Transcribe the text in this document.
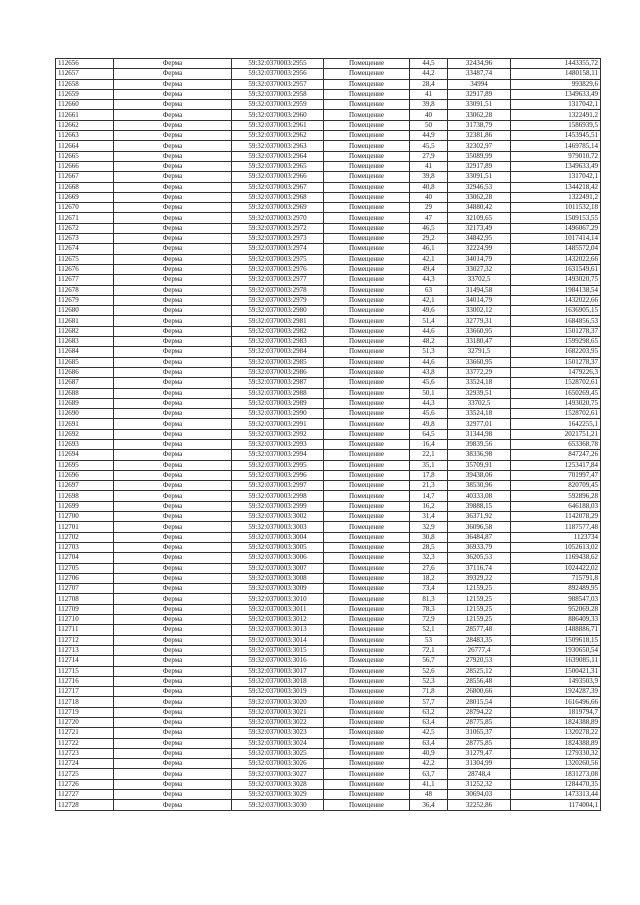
112656	Ферма	59:32:0370003:2955	Помещение	44,5	32434,96	1443355,72
112657	Ферма	59:32:0370003:2956	Помещение	44,2	33487,74	1480158,11
112658	Ферма	59:32:0370003:2957	Помещение	28,4	34994	993829,6
112659	Ферма	59:32:0370003:2958	Помещение	41	32917,89	1349633,49
112660	Ферма	59:32:0370003:2959	Помещение	39,8	33091,51	1317042,1
112661	Ферма	59:32:0370003:2960	Помещение	40	33062,28	1322491,2
112662	Ферма	59:32:0370003:2961	Помещение	50	31738,79	1586939,5
112663	Ферма	59:32:0370003:2962	Помещение	44,9	32381,86	1453945,51
112664	Ферма	59:32:0370003:2963	Помещение	45,5	32302,97	1469785,14
112665	Ферма	59:32:0370003:2964	Помещение	27,9	35089,99	979010,72
112666	Ферма	59:32:0370003:2965	Помещение	41	32917,89	1349633,49
112667	Ферма	59:32:0370003:2966	Помещение	39,8	33091,51	1317042,1
112668	Ферма	59:32:0370003:2967	Помещение	40,8	32946,53	1344218,42
112669	Ферма	59:32:0370003:2968	Помещение	40	33062,28	1322491,2
112670	Ферма	59:32:0370003:2969	Помещение	29	34880,42	1011532,18
112671	Ферма	59:32:0370003:2970	Помещение	47	32109,65	1509153,55
112672	Ферма	59:32:0370003:2972	Помещение	46,5	32173,49	1496067,29
112673	Ферма	59:32:0370003:2973	Помещение	29,2	34842,95	1017414,14
112674	Ферма	59:32:0370003:2974	Помещение	46,1	32224,99	1485572,04
112675	Ферма	59:32:0370003:2975	Помещение	42,1	34014,79	1432022,66
112676	Ферма	59:32:0370003:2976	Помещение	49,4	33027,32	1631549,61
112677	Ферма	59:32:0370003:2977	Помещение	44,3	33702,5	1493020,75
112678	Ферма	59:32:0370003:2978	Помещение	63	31494,58	1984138,54
112679	Ферма	59:32:0370003:2979	Помещение	42,1	34014,79	1432022,66
112680	Ферма	59:32:0370003:2980	Помещение	49,6	33002,12	1636905,15
112681	Ферма	59:32:0370003:2981	Помещение	51,4	32779,31	1684856,53
112682	Ферма	59:32:0370003:2982	Помещение	44,6	33660,95	1501278,37
112683	Ферма	59:32:0370003:2983	Помещение	48,2	33180,47	1599298,65
112684	Ферма	59:32:0370003:2984	Помещение	51,3	32791,5	1682203,95
112685	Ферма	59:32:0370003:2985	Помещение	44,6	33660,95	1501278,37
112686	Ферма	59:32:0370003:2986	Помещение	43,8	33772,29	1479226,3
112687	Ферма	59:32:0370003:2987	Помещение	45,6	33524,18	1528702,61
112688	Ферма	59:32:0370003:2988	Помещение	50,1	32939,51	1650269,45
112689	Ферма	59:32:0370003:2989	Помещение	44,3	33702,5	1493020,75
112690	Ферма	59:32:0370003:2990	Помещение	45,6	33524,18	1528702,61
112691	Ферма	59:32:0370003:2991	Помещение	49,8	32977,01	1642255,1
112692	Ферма	59:32:0370003:2992	Помещение	64,5	31344,98	2021751,21
112693	Ферма	59:32:0370003:2993	Помещение	16,4	39839,56	653368,78
112694	Ферма	59:32:0370003:2994	Помещение	22,1	38336,98	847247,26
112695	Ферма	59:32:0370003:2995	Помещение	35,1	35709,91	1253417,84
112696	Ферма	59:32:0370003:2996	Помещение	17,8	39438,06	701997,47
112697	Ферма	59:32:0370003:2997	Помещение	21,3	38530,96	820709,45
112698	Ферма	59:32:0370003:2998	Помещение	14,7	40333,08	592896,28
112699	Ферма	59:32:0370003:2999	Помещение	16,2	39888,15	646188,03
112700	Ферма	59:32:0370003:3002	Помещение	31,4	36371,92	1142078,29
112701	Ферма	59:32:0370003:3003	Помещение	32,9	36096,58	1187577,48
112702	Ферма	59:32:0370003:3004	Помещение	30,8	36484,87	1123734
112703	Ферма	59:32:0370003:3005	Помещение	28,5	36933,79	1052613,02
112704	Ферма	59:32:0370003:3006	Помещение	32,3	36205,53	1169438,62
112705	Ферма	59:32:0370003:3007	Помещение	27,6	37116,74	1024422,02
112706	Ферма	59:32:0370003:3008	Помещение	18,2	39329,22	715791,8
112707	Ферма	59:32:0370003:3009	Помещение	73,4	12159,25	892489,95
112708	Ферма	59:32:0370003:3010	Помещение	81,3	12159,25	988547,03
112709	Ферма	59:32:0370003:3011	Помещение	78,3	12159,25	952069,28
112710	Ферма	59:32:0370003:3012	Помещение	72,9	12159,25	886409,33
112711	Ферма	59:32:0370003:3013	Помещение	52,1	28577,48	1488886,71
112712	Ферма	59:32:0370003:3014	Помещение	53	28483,35	1509618,15
112713	Ферма	59:32:0370003:3015	Помещение	72,1	26777,4	1930650,54
112714	Ферма	59:32:0370003:3016	Помещение	56,7	27920,53	1639085,11
112715	Ферма	59:32:0370003:3017	Помещение	52,6	28525,12	1500421,31
112716	Ферма	59:32:0370003:3018	Помещение	52,3	28556,48	1493503,9
112717	Ферма	59:32:0370003:3019	Помещение	71,8	26800,66	1924287,39
112718	Ферма	59:32:0370003:3020	Помещение	57,7	28015,54	1616496,66
112719	Ферма	59:32:0370003:3021	Помещение	63,2	28794,22	1819794,7
112720	Ферма	59:32:0370003:3022	Помещение	63,4	28775,85	1824388,89
112721	Ферма	59:32:0370003:3023	Помещение	42,5	31065,37	1320278,22
112722	Ферма	59:32:0370003:3024	Помещение	63,4	28775,85	1824388,89
112723	Ферма	59:32:0370003:3025	Помещение	40,9	31279,47	1279330,32
112724	Ферма	59:32:0370003:3026	Помещение	42,2	31304,99	1320260,56
112725	Ферма	59:32:0370003:3027	Помещение	63,7	28748,4	1831273,08
112726	Ферма	59:32:0370003:3028	Помещение	41,1	31252,32	1284470,35
112727	Ферма	59:32:0370003:3029	Помещение	48	30694,03	1473313,44
112728	Ферма	59:32:0370003:3030	Помещение	36,4	32252,86	1174004,1
